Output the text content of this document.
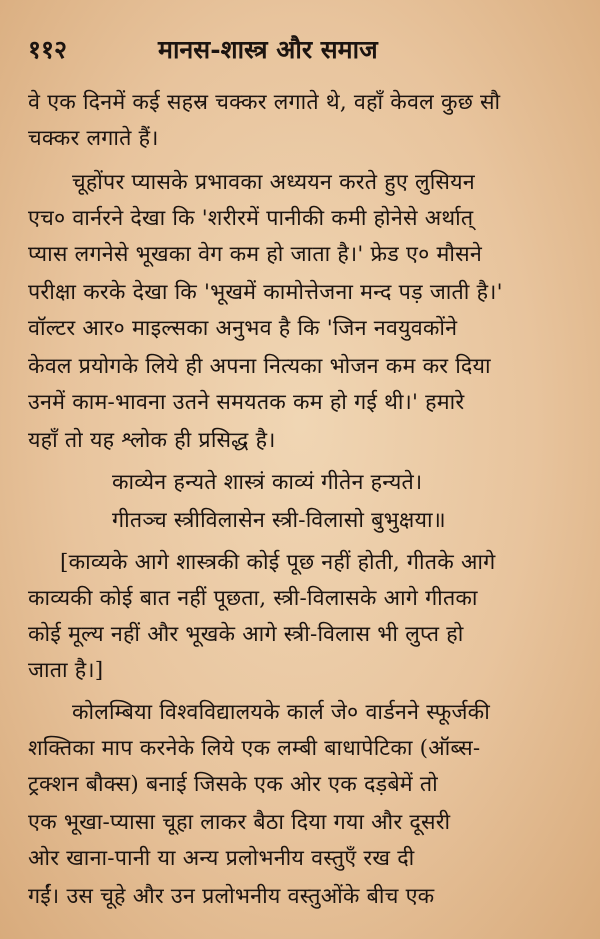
११२	मानस-शास्त्र और समाज
वे एक दिनमें कई सहस्र चक्कर लगाते थे, वहाँ केवल कुछ सौ
चक्कर लगाते हैं।
चूहोंपर प्यासके प्रभावका अध्ययन करते हुए लुसियन
एच० वार्नरने देखा कि 'शरीरमें पानीकी कमी होनेसे अर्थात्
प्यास लगनेसे भूखका वेग कम हो जाता है।' फ्रेड ए० मौसने
परीक्षा करके देखा कि 'भूखमें कामोत्तेजना मन्द पड़ जाती है।'
वॉल्टर आर० माइल्सका अनुभव है कि 'जिन नवयुवकोंने
केवल प्रयोगके लिये ही अपना नित्यका भोजन कम कर दिया
उनमें काम-भावना उतने समयतक कम हो गई थी।' हमारे
यहाँ तो यह श्लोक ही प्रसिद्ध है।
काव्येन हन्यते शास्त्रं काव्यं गीतेन हन्यते।
गीतञ्च स्त्रीविलासेन स्त्री-विलासो बुभुक्षया॥
[काव्यके आगे शास्त्रकी कोई पूछ नहीं होती, गीतके आगे
काव्यकी कोई बात नहीं पूछता, स्त्री-विलासके आगे गीतका
कोई मूल्य नहीं और भूखके आगे स्त्री-विलास भी लुप्त हो
जाता है।]
कोलम्बिया विश्वविद्यालयके कार्ल जे० वार्डनने स्फूर्जकी
शक्तिका माप करनेके लिये एक लम्बी बाधापेटिका (ऑब्स-
ट्रक्शन बौक्स) बनाई जिसके एक ओर एक दड़बेमें तो
एक भूखा-प्यासा चूहा लाकर बैठा दिया गया और दूसरी
ओर खाना-पानी या अन्य प्रलोभनीय वस्तुएँ रख दी
गईं। उस चूहे और उन प्रलोभनीय वस्तुओंके बीच एक
